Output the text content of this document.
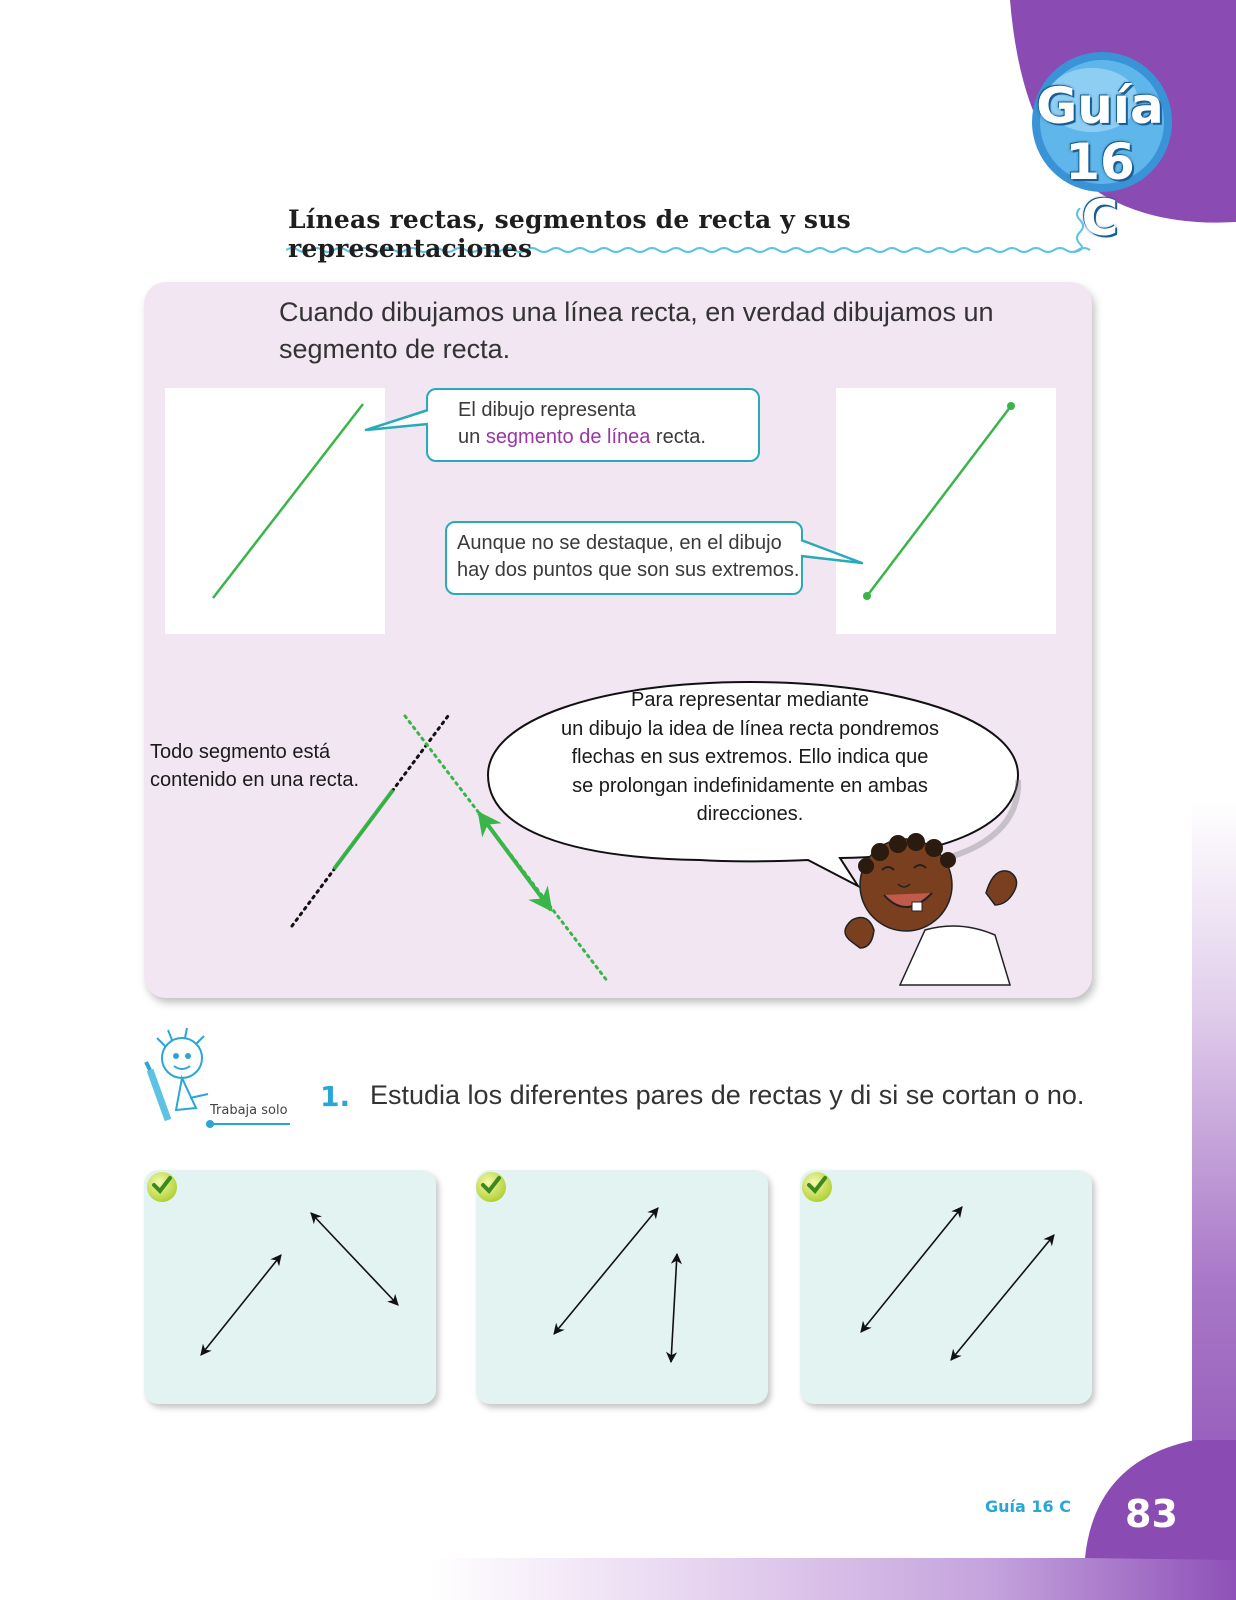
Guía 16
C
Líneas rectas, segmentos de recta y sus representaciones
Cuando dibujamos una línea recta, en verdad dibujamos un segmento de recta.
El dibujo representa
un segmento de línea recta.
Aunque no se destaque, en el dibujo
hay dos puntos que son sus extremos.
Todo segmento está
contenido en una recta.
Para representar mediante
un dibujo la idea de línea recta pondremos
flechas en sus extremos. Ello indica que
se prolongan indefinidamente en ambas
direcciones.
Trabaja solo 1. Estudia los diferentes pares de rectas y di si se cortan o no.
Guía 16 C 83
